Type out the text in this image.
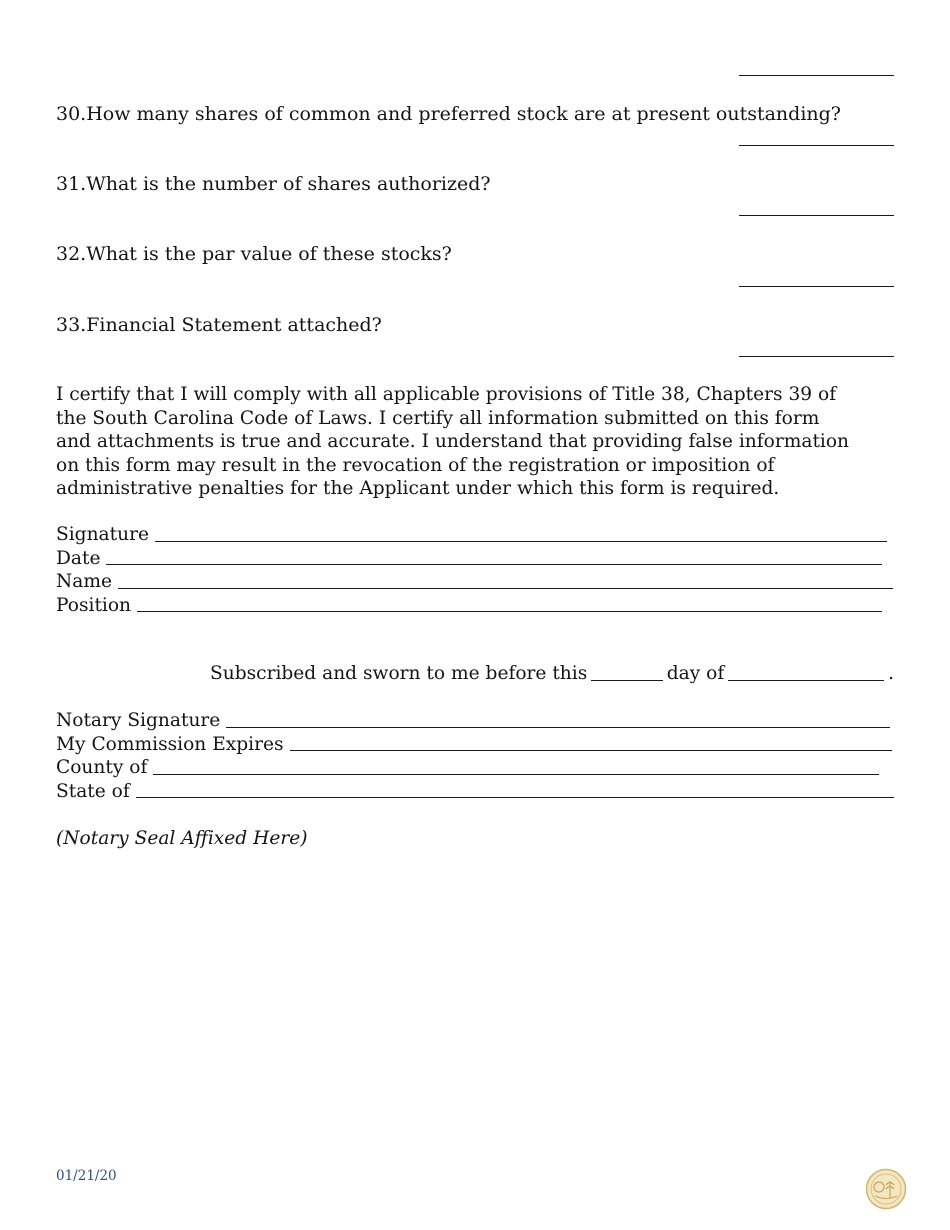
30.How many shares of common and preferred stock are at present outstanding?

31.What is the number of shares authorized?

32.What is the par value of these stocks?

33.Financial Statement attached?

I certify that I will comply with all applicable provisions of Title 38, Chapters 39 of the South Carolina Code of Laws. I certify all information submitted on this form and attachments is true and accurate. I understand that providing false information on this form may result in the revocation of the registration or imposition of administrative penalties for the Applicant under which this form is required.

Signature
Date
Name
Position
Subscribed and sworn to me before this	day of	.
Notary Signature
My Commission Expires
County of
State of

(Notary Seal Affixed Here)

01/21/20
